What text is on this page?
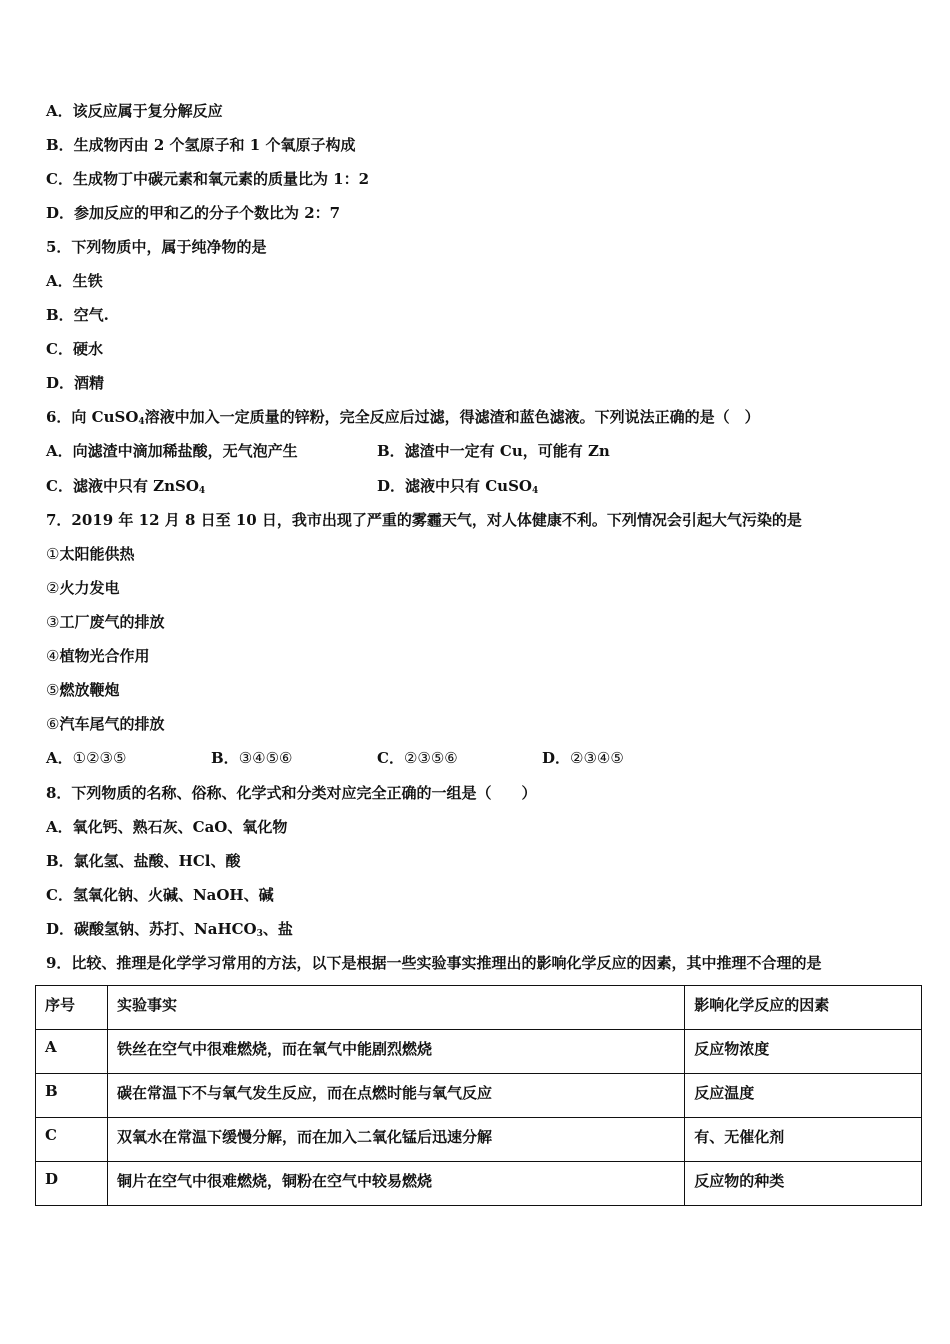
A．该反应属于复分解反应
B．生成物丙由 2 个氢原子和 1 个氧原子构成
C．生成物丁中碳元素和氧元素的质量比为 1：2
D．参加反应的甲和乙的分子个数比为 2：7
5．下列物质中，属于纯净物的是
A．生铁
B．空气.
C．硬水
D．酒精
6．向 CuSO$_4$溶液中加入一定质量的锌粉，完全反应后过滤，得滤渣和蓝色滤液。下列说法正确的是（　）
A．向滤渣中滴加稀盐酸，无气泡产生	B．滤渣中一定有 Cu，可能有 Zn
C．滤液中只有 ZnSO$_4$	D．滤液中只有 CuSO$_4$
7．2019 年 12 月 8 日至 10 日，我市出现了严重的雾霾天气，对人体健康不利。下列情况会引起大气污染的是
①太阳能供热
②火力发电
③工厂废气的排放
④植物光合作用
⑤燃放鞭炮
⑥汽车尾气的排放
A．①②③⑤	B．③④⑤⑥	C．②③⑤⑥	D．②③④⑤
8．下列物质的名称、俗称、化学式和分类对应完全正确的一组是（　　）
A．氧化钙、熟石灰、CaO、氧化物
B．氯化氢、盐酸、HCl、酸
C．氢氧化钠、火碱、NaOH、碱
D．碳酸氢钠、苏打、NaHCO$_3$、盐
9．比较、推理是化学学习常用的方法，以下是根据一些实验事实推理出的影响化学反应的因素，其中推理不合理的是
序号	实验事实	影响化学反应的因素
A	铁丝在空气中很难燃烧，而在氧气中能剧烈燃烧	反应物浓度
B	碳在常温下不与氧气发生反应，而在点燃时能与氧气反应	反应温度
C	双氧水在常温下缓慢分解，而在加入二氧化锰后迅速分解	有、无催化剂
D	铜片在空气中很难燃烧，铜粉在空气中较易燃烧	反应物的种类
